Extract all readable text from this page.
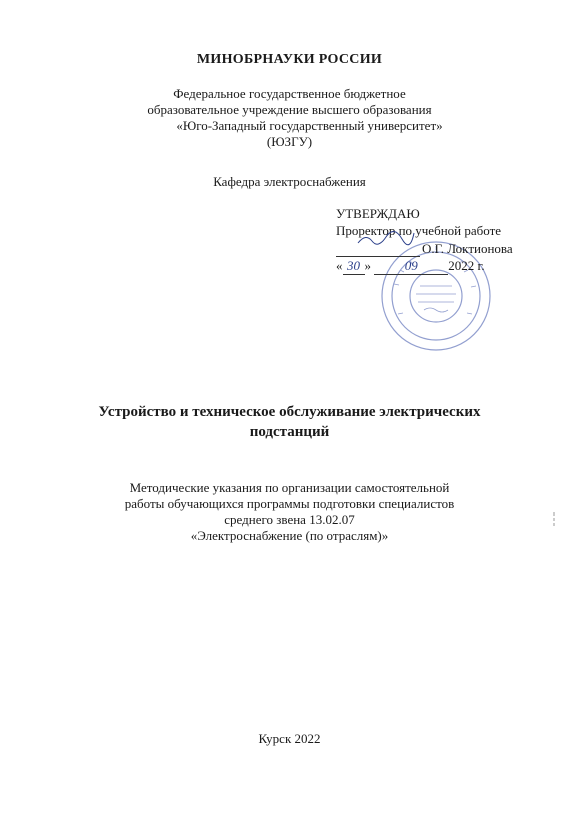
МИНОБРНАУКИ РОССИИ
Федеральное государственное бюджетное
образовательное учреждение высшего образования
«Юго-Западный государственный университет»
(ЮЗГУ)
Кафедра электроснабжения
УТВЕРЖДАЮ
Проректор по учебной работе
О.Г. Локтионова
« 30 » 09 2022 г.
Устройство и техническое обслуживание электрических
подстанций
Методические указания по организации самостоятельной
работы обучающихся программы подготовки специалистов
среднего звена 13.02.07
«Электроснабжение (по отраслям)»
Курск 2022
